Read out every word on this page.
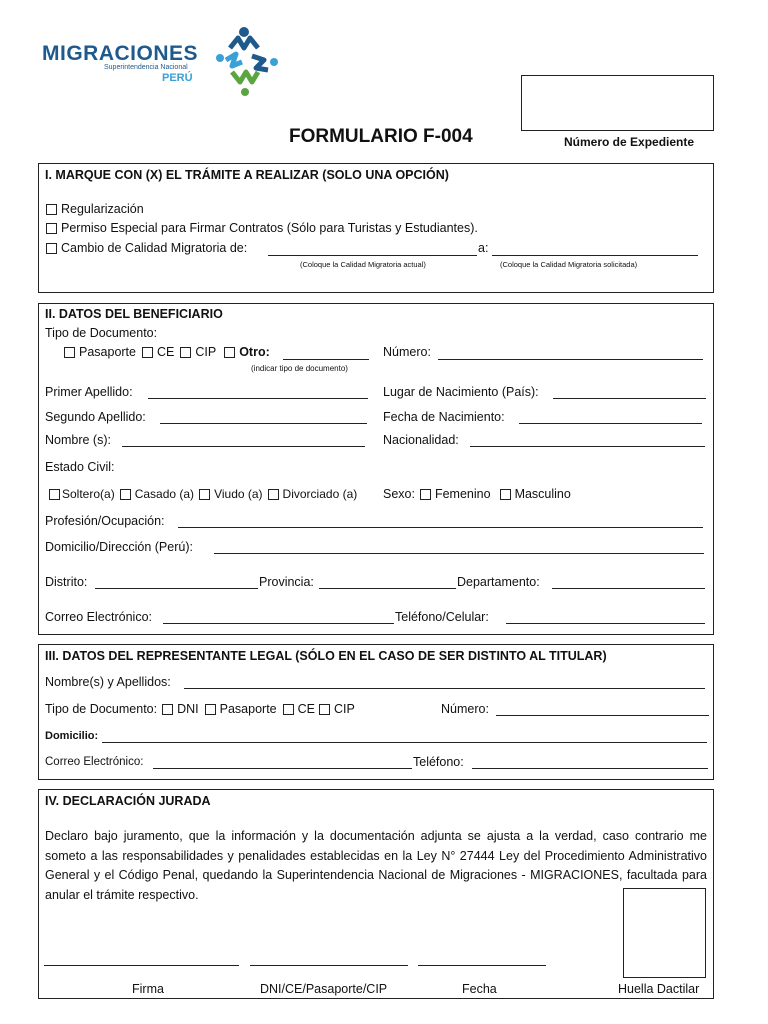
MIGRACIONES
Superintendencia Nacional
PERÚ
FORMULARIO F-004	Número de Expediente
I. MARQUE CON (X) EL TRÁMITE A REALIZAR (SOLO UNA OPCIÓN)
Regularización
Permiso Especial para Firmar Contratos (Sólo para Turistas y Estudiantes).
Cambio de Calidad Migratoria de:	a:
(Coloque la Calidad Migratoria actual)	(Coloque la Calidad Migratoria solicitada)
II. DATOS DEL BENEFICIARIO
Tipo de Documento:
Pasaporte CE CIP Otro:
(indicar tipo de documento)
Número:
Primer Apellido:	Lugar de Nacimiento (País):
Segundo Apellido:	Fecha de Nacimiento:
Nombre (s):	Nacionalidad:
Estado Civil:
Soltero(a) Casado (a) Viudo (a) Divorciado (a) Sexo: Femenino Masculino
Profesión/Ocupación:
Domicilio/Dirección (Perú):
Distrito:	Provincia:	Departamento:
Correo Electrónico:	Teléfono/Celular:
III. DATOS DEL REPRESENTANTE LEGAL (SÓLO EN EL CASO DE SER DISTINTO AL TITULAR)
Nombre(s) y Apellidos:
Tipo de Documento: DNI Pasaporte CE CIP	Número:
Domicilio:
Correo Electrónico:	Teléfono:
IV. DECLARACIÓN JURADA
Declaro bajo juramento, que la información y la documentación adjunta se ajusta a la verdad, caso contrario me someto a las responsabilidades y penalidades establecidas en la Ley N° 27444 Ley del Procedimiento Administrativo General y el Código Penal, quedando la Superintendencia Nacional de Migraciones - MIGRACIONES, facultada para anular el trámite respectivo.
Firma	DNI/CE/Pasaporte/CIP	Fecha	Huella Dactilar
